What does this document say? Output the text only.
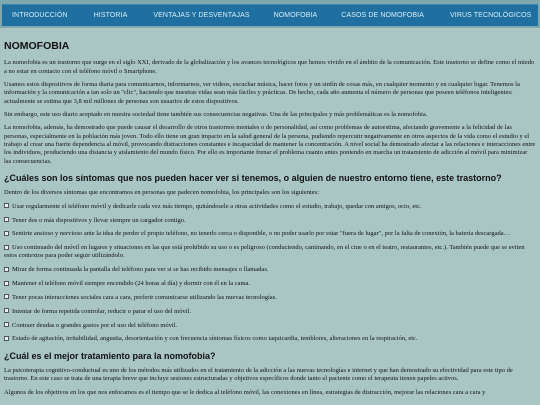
INTRODUCCIÓN	HISTORIA	VENTAJAS Y DESVENTAJAS	NOMOFOBIA	CASOS DE NOMOFOBIA	VIRUS TECNOLÓGICOS
NOMOFOBIA

La nomofobia es un trastorno que surge en el siglo XXI, derivado de la globalización y los avances tecnológicos que hemos vivido en el ámbito de la comunicación. Este trastorno se define como el miedo a no estar en contacto con el teléfono móvil o Smartphone.

Usamos estos dispositivos de forma diaria para comunicarnos, informarnos, ver videos, escuchar música, hacer fotos y un sinfín de cosas más, en cualquier momento y en cualquier lugar. Tenemos la información y la comunicación a tan solo un "clic", haciendo que nuestras vidas sean más fáciles y prácticas. De hecho, cada año aumenta el número de personas que poseen teléfonos inteligentes: actualmente se estima que 3,8 mil millones de personas son usuarios de estos dispositivos.

Sin embargo, este uso diario aceptado en nuestra sociedad tiene también sus consecuencias negativas. Una de las principales y más problemáticas es la nomofobia.

La nomofobia, además, ha demostrado que puede causar el desarrollo de otros trastornos mentales o de personalidad, así como problemas de autoestima, afectando gravemente a la felicidad de las personas, especialmente en la población más joven. Todo ello tiene un gran impacto en la salud general de la persona, pudiendo repercutir negativamente en otros aspectos de la vida como el estudio y el trabajo al crear una fuerte dependencia al móvil, provocando distracciones constantes e incapacidad de mantener la concentración. A nivel social ha demostrado afectar a las relaciones e interacciones entre los individuos, produciendo una distancia y aislamiento del mundo físico. Por ello es importante frenar el problema cuanto antes poniendo en marcha un tratamiento de adicción al móvil para minimizar las consecuencias.

¿Cuáles son los síntomas que nos pueden hacer ver si tenemos, o alguien de nuestro entorno tiene, este trastorno?

Dentro de los diversos síntomas que encontramos en personas que padecen nomofobia, los principales son los siguientes:

Usar regularmente el teléfono móvil y dedicarle cada vez más tiempo, quitándosele a otras actividades como el estudio, trabajo, quedar con amigos, ocio, etc.
Tener dos o más dispositivos y llevar siempre un cargador contigo.
Sentirte ansioso y nervioso ante la idea de perder el propio teléfono, no tenerlo cerca o disponible, o no poder usarlo por estar "fuera de lugar", por la falta de conexión, la batería descargada…
Uso continuado del móvil en lugares y situaciones en las que está prohibido su uso o es peligroso (conduciendo, caminando, en el cine o en el teatro, restaurantes, etc.). También puede que se eviten estos contextos para poder seguir utilizándolo.
Mirar de forma continuada la pantalla del teléfono para ver si se has recibido mensajes o llamadas.
Mantener el teléfono móvil siempre encendido (24 horas al día) y dormir con él en la cama.
Tener pocas interacciones sociales cara a cara, preferir comunicarse utilizando las nuevas tecnologías.
Intentar de forma repetida controlar, reducir o parar el uso del móvil.
Contraer deudas o grandes gastos por el uso del teléfono móvil.
Estado de agitación, irritabilidad, angustia, desorientación y con frecuencia síntomas físicos como taquicardia, temblores, alteraciones en la respiración, etc.
¿Cuál es el mejor tratamiento para la nomofobia?

La psicoterapia cognitivo-conductual es uno de los métodos más utilizados en el tratamiento de la adicción a las nuevas tecnologías e internet y que han demostrado su efectividad para este tipo de trastorno. En este caso se trata de una terapia breve que incluye sesiones estructuradas y objetivos específicos donde tanto el paciente como el terapeuta tienen papeles activos.

Algunos de los objetivos en los que nos enfocamos es el tiempo que se le dedica al teléfono móvil, las conexiones en línea, estrategias de distracción, mejorar las relaciones cara a cara y
